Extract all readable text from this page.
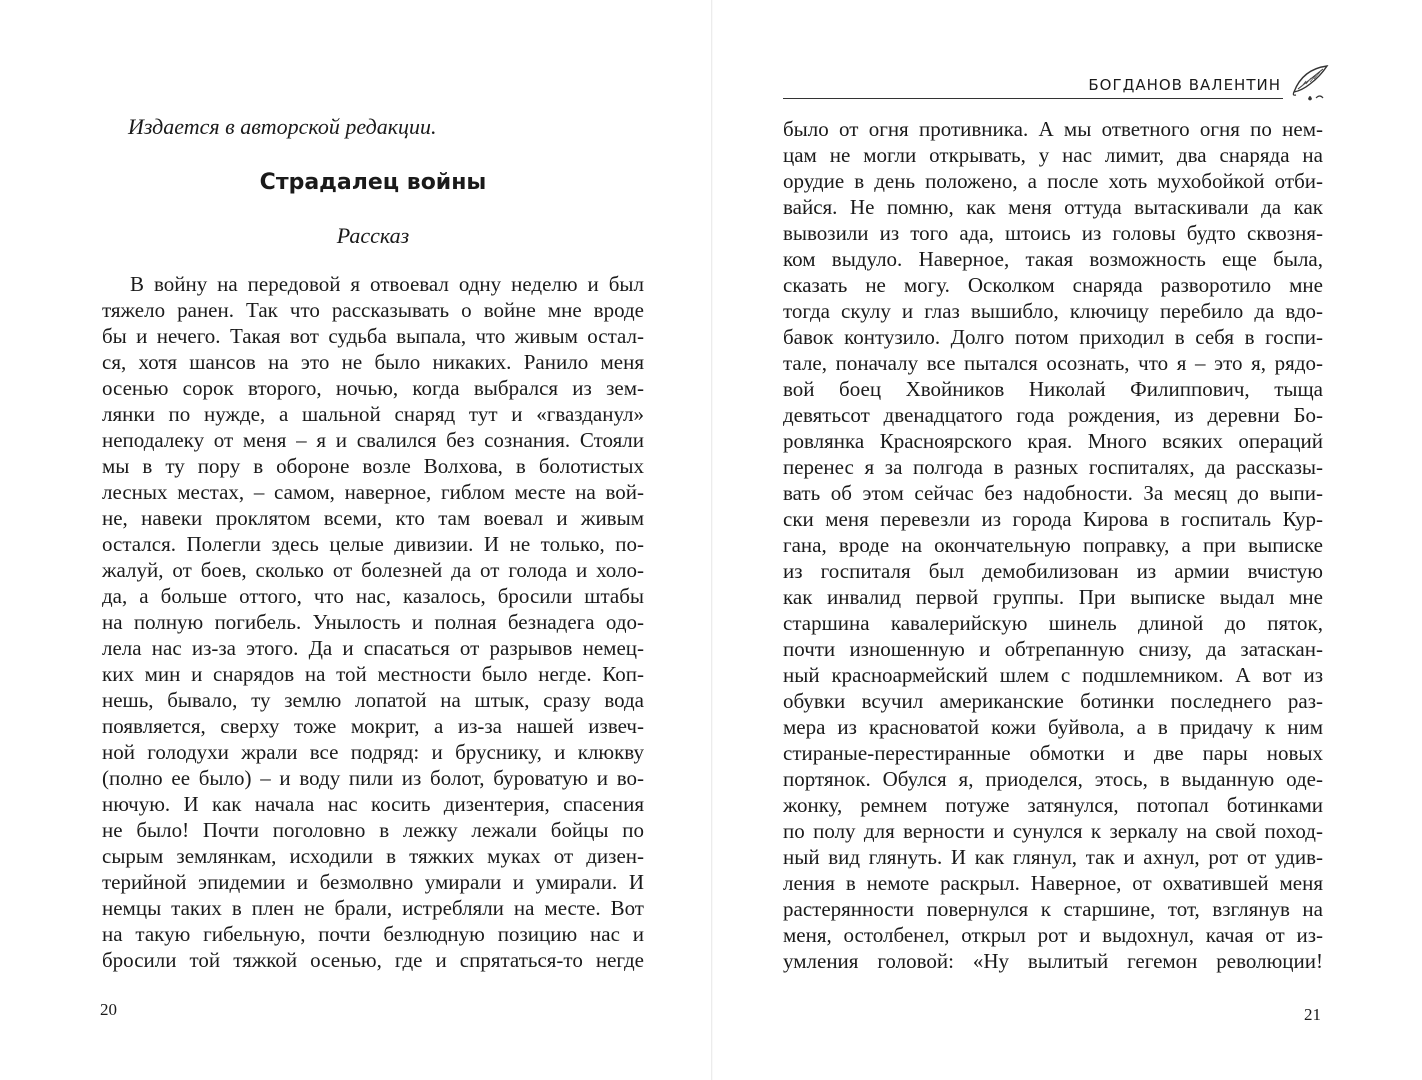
Издается в авторской редакции.
Страдалец войны
Рассказ

В войну на передовой я отвоевал одну неделю и был

тяжело ранен. Так что рассказывать о войне мне вроде

бы и нечего. Такая вот судьба выпала, что живым остал-

ся, хотя шансов на это не было никаких. Ранило меня

осенью сорок второго, ночью, когда выбрался из зем-

лянки по нужде, а шальной снаряд тут и «гвазданул»

неподалеку от меня – я и свалился без сознания. Стояли

мы в ту пору в обороне возле Волхова, в болотистых

лесных местах, – самом, наверное, гиблом месте на вой-

не, навеки проклятом всеми, кто там воевал и живым

остался. Полегли здесь целые дивизии. И не только, по-

жалуй, от боев, сколько от болезней да от голода и холо-

да, а больше оттого, что нас, казалось, бросили штабы

на полную погибель. Унылость и полная безнадега одо-

лела нас из-за этого. Да и спасаться от разрывов немец-

ких мин и снарядов на той местности было негде. Коп-

нешь, бывало, ту землю лопатой на штык, сразу вода

появляется, сверху тоже мокрит, а из-за нашей извеч-

ной голодухи жрали все подряд: и бруснику, и клюкву

(полно ее было) – и воду пили из болот, буроватую и во-

нючую. И как начала нас косить дизентерия, спасения

не было! Почти поголовно в лежку лежали бойцы по

сырым землянкам, исходили в тяжких муках от дизен-

терийной эпидемии и безмолвно умирали и умирали. И

немцы таких в плен не брали, истребляли на месте. Вот

на такую гибельную, почти безлюдную позицию нас и

бросили той тяжкой осенью, где и спрятаться-то негде

20
БОГДАНОВ ВАЛЕНТИН

было от огня противника. А мы ответного огня по нем-

цам не могли открывать, у нас лимит, два снаряда на

орудие в день положено, а после хоть мухобойкой отби-

вайся. Не помню, как меня оттуда вытаскивали да как

вывозили из того ада, штоись из головы будто сквозня-

ком выдуло. Наверное, такая возможность еще была,

сказать не могу. Осколком снаряда разворотило мне

тогда скулу и глаз вышибло, ключицу перебило да вдо-

бавок контузило. Долго потом приходил в себя в госпи-

тале, поначалу все пытался осознать, что я – это я, рядо-

вой боец Хвойников Николай Филиппович, тыща

девятьсот двенадцатого года рождения, из деревни Бо-

ровлянка Красноярского края. Много всяких операций

перенес я за полгода в разных госпиталях, да рассказы-

вать об этом сейчас без надобности. За месяц до выпи-

ски меня перевезли из города Кирова в госпиталь Кур-

гана, вроде на окончательную поправку, а при выписке

из госпиталя был демобилизован из армии вчистую

как инвалид первой группы. При выписке выдал мне

старшина кавалерийскую шинель длиной до пяток,

почти изношенную и обтрепанную снизу, да затаскан-

ный красноармейский шлем с подшлемником. А вот из

обувки всучил американские ботинки последнего раз-

мера из красноватой кожи буйвола, а в придачу к ним

стираные-перестиранные обмотки и две пары новых

портянок. Обулся я, приоделся, этось, в выданную оде-

жонку, ремнем потуже затянулся, потопал ботинками

по полу для верности и сунулся к зеркалу на свой поход-

ный вид глянуть. И как глянул, так и ахнул, рот от удив-

ления в немоте раскрыл. Наверное, от охватившей меня

растерянности повернулся к старшине, тот, взглянув на

меня, остолбенел, открыл рот и выдохнул, качая от из-

умления головой: «Ну вылитый гегемон революции!

21
